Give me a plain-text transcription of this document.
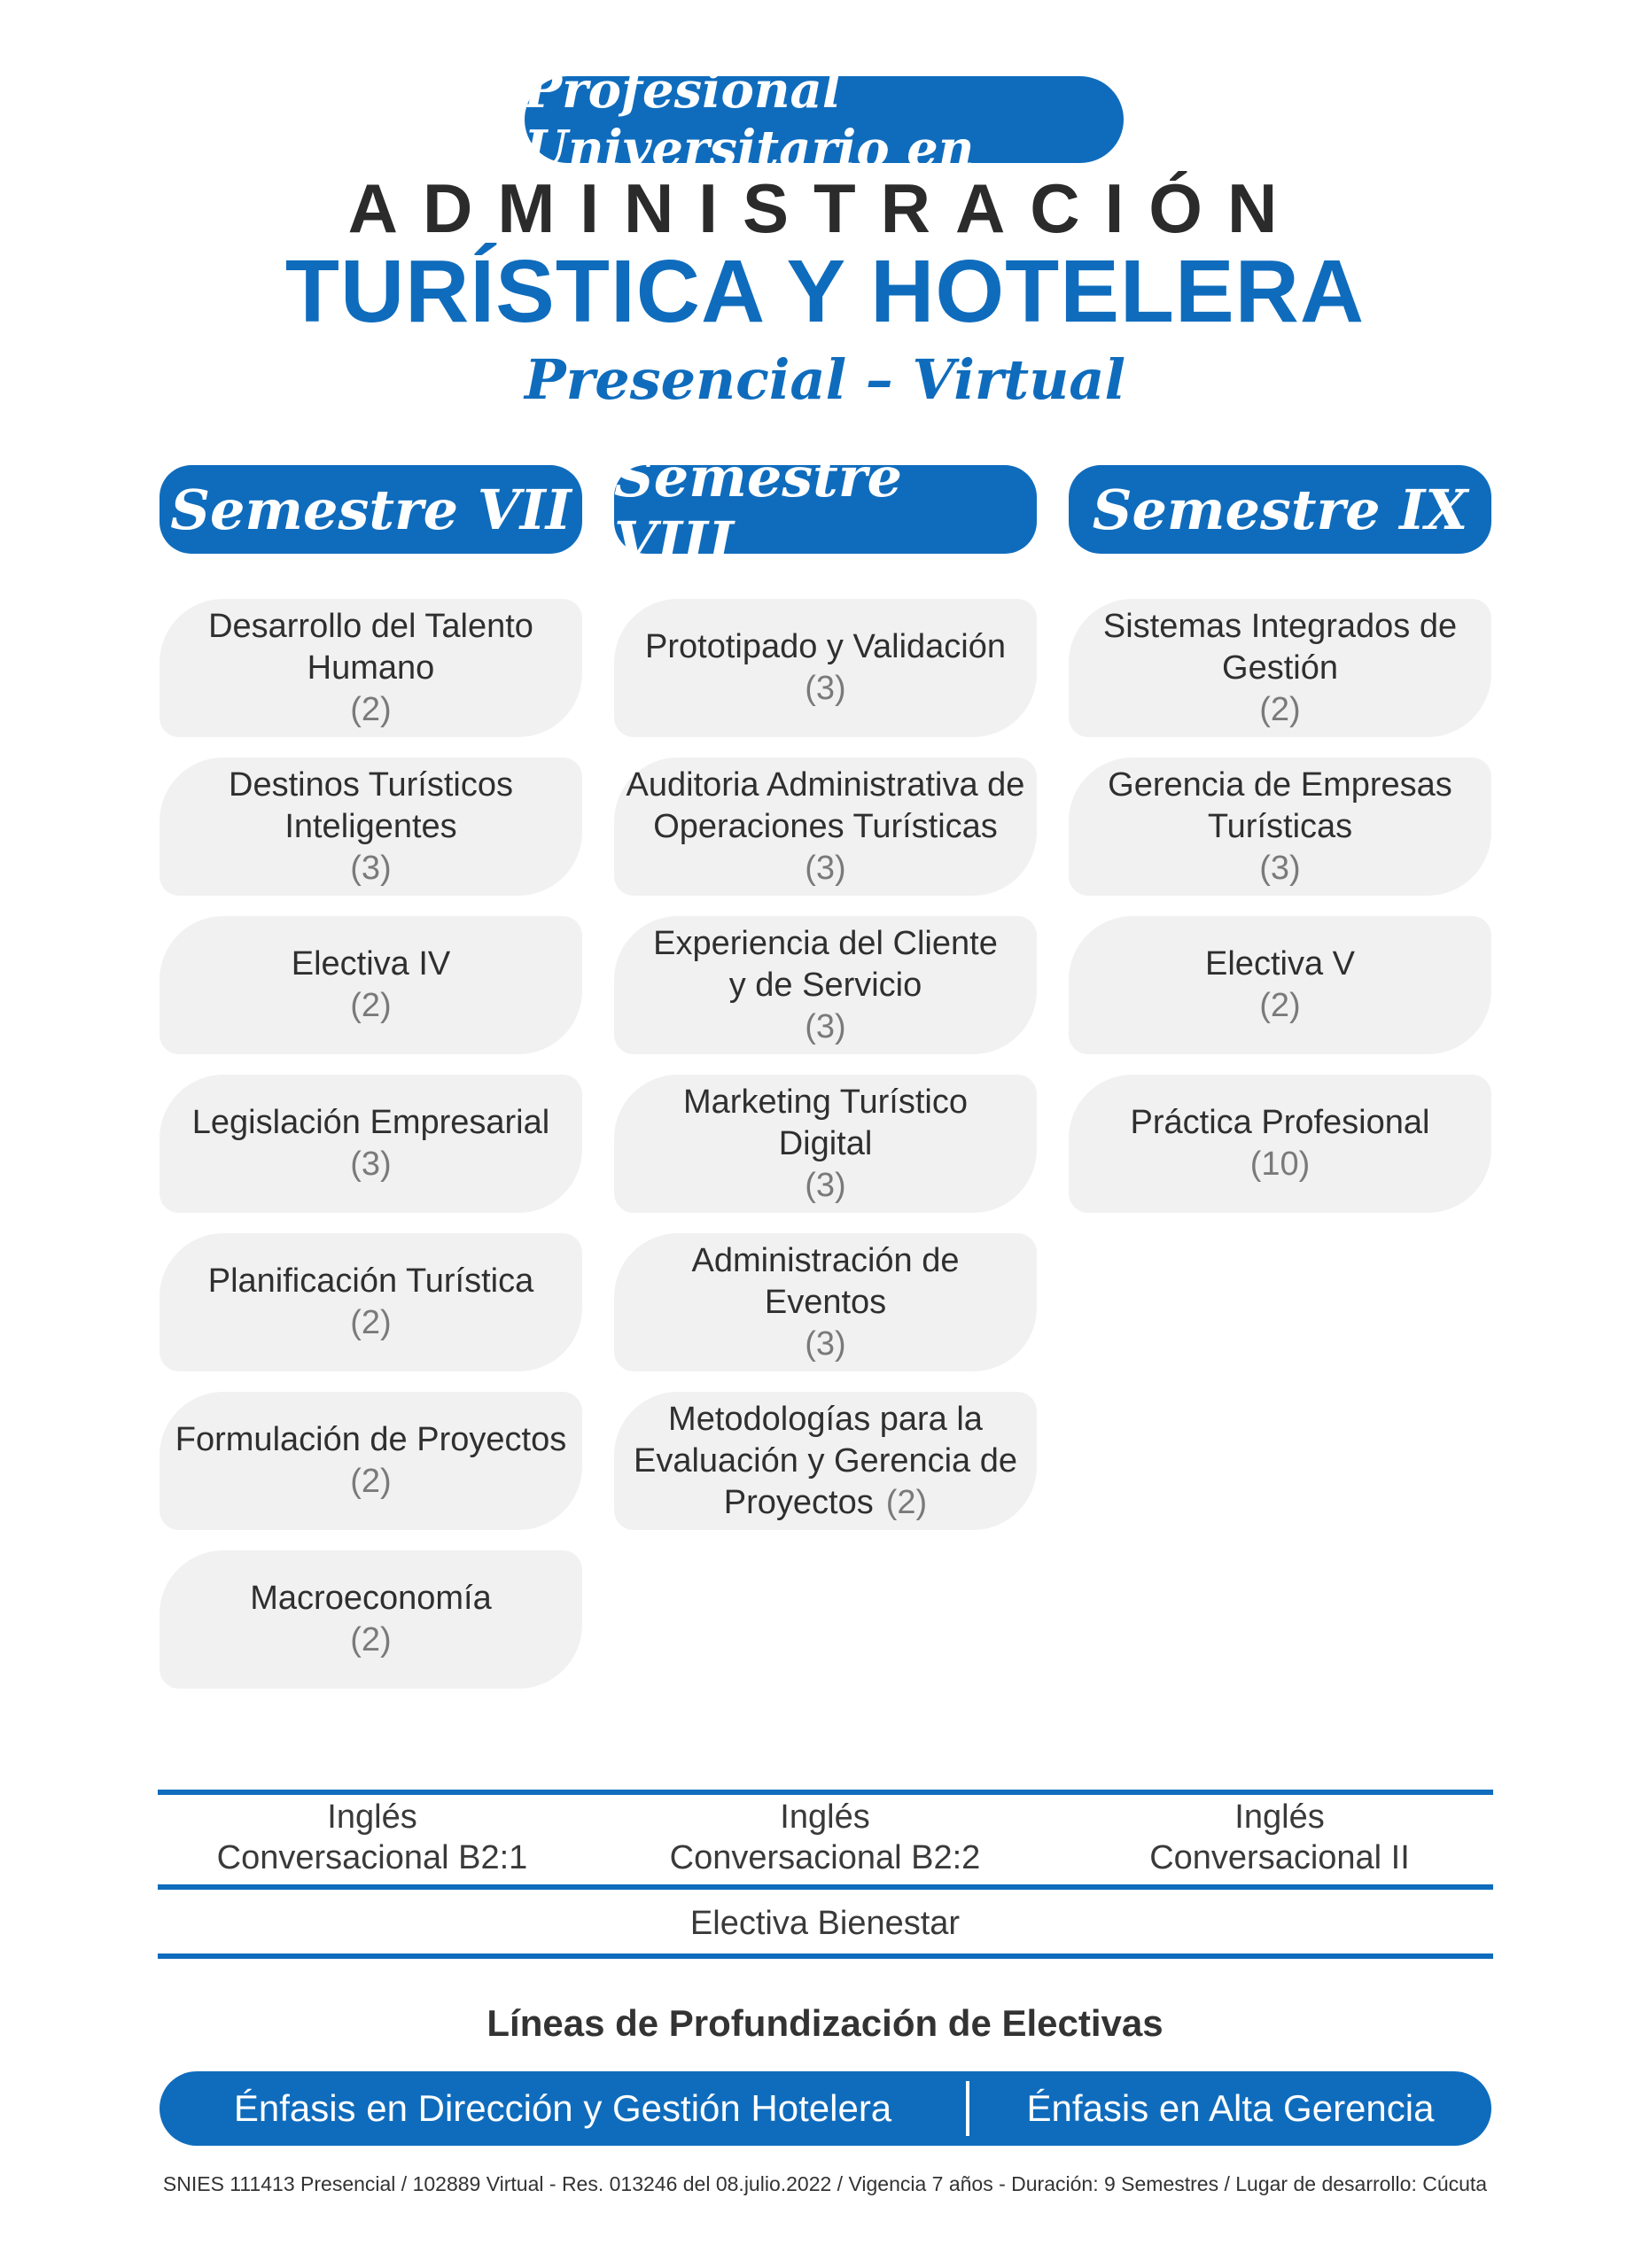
Profesional Universitario en
ADMINISTRACIÓN
TURÍSTICA Y HOTELERA
Presencial – Virtual
Semestre VII Semestre VIII	Semestre IX
Desarrollo del Talento Humano
(2)
Destinos Turísticos Inteligentes
(3)
Electiva IV
(2)
Legislación Empresarial
(3)
Planificación Turística
(2)
Formulación de Proyectos
(2)
Macroeconomía
(2)
Prototipado y Validación
(3)
Auditoria Administrativa de Operaciones Turísticas
(3)
Experiencia del Cliente y de Servicio
(3)
Marketing Turístico Digital
(3)
Administración de Eventos
(3)
Metodologías para la Evaluación y Gerencia de Proyectos (2)
Sistemas Integrados de Gestión
(2)
Gerencia de Empresas Turísticas
(3)
Electiva V
(2)
Práctica Profesional
(10)
Inglés
Conversacional B2:1
Inglés
Conversacional B2:2
Inglés
Conversacional II
Electiva Bienestar
Líneas de Profundización de Electivas
Énfasis en Dirección y Gestión Hotelera	Énfasis en Alta Gerencia
SNIES 111413 Presencial / 102889 Virtual - Res. 013246 del 08.julio.2022 / Vigencia 7 años - Duración: 9 Semestres / Lugar de desarrollo: Cúcuta
